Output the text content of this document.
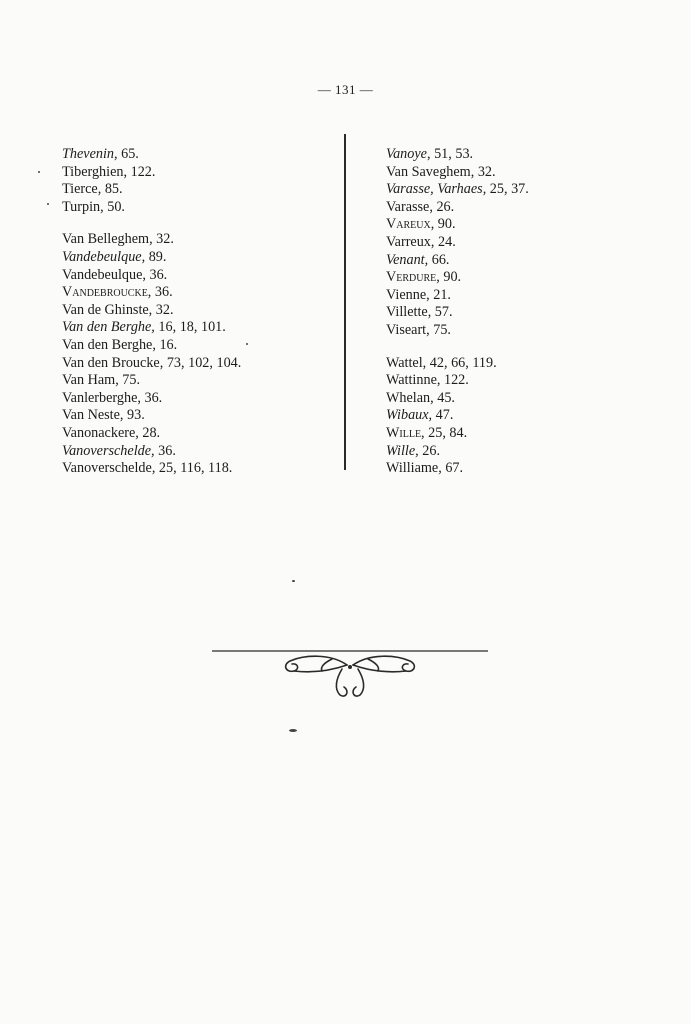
— 131 —
Thevenin, 65.
Tiberghien, 122.
Tierce, 85.
Turpin, 50.
Van Belleghem, 32.
Vandebeulque, 89.
Vandebeulque, 36.
Vandebroucke, 36.
Van de Ghinste, 32.
Van den Berghe, 16, 18, 101.
Van den Berghe, 16.
Van den Broucke, 73, 102, 104.
Van Ham, 75.
Vanlerberghe, 36.
Van Neste, 93.
Vanonackere, 28.
Vanoverschelde, 36.
Vanoverschelde, 25, 116, 118.
Vanoye, 51, 53.
Van Saveghem, 32.
Varasse, Varhaes, 25, 37.
Varasse, 26.
Vareux, 90.
Varreux, 24.
Venant, 66.
Verdure, 90.
Vienne, 21.
Villette, 57.
Viseart, 75.
Wattel, 42, 66, 119.
Wattinne, 122.
Whelan, 45.
Wibaux, 47.
Wille, 25, 84.
Wille, 26.
Williame, 67.
